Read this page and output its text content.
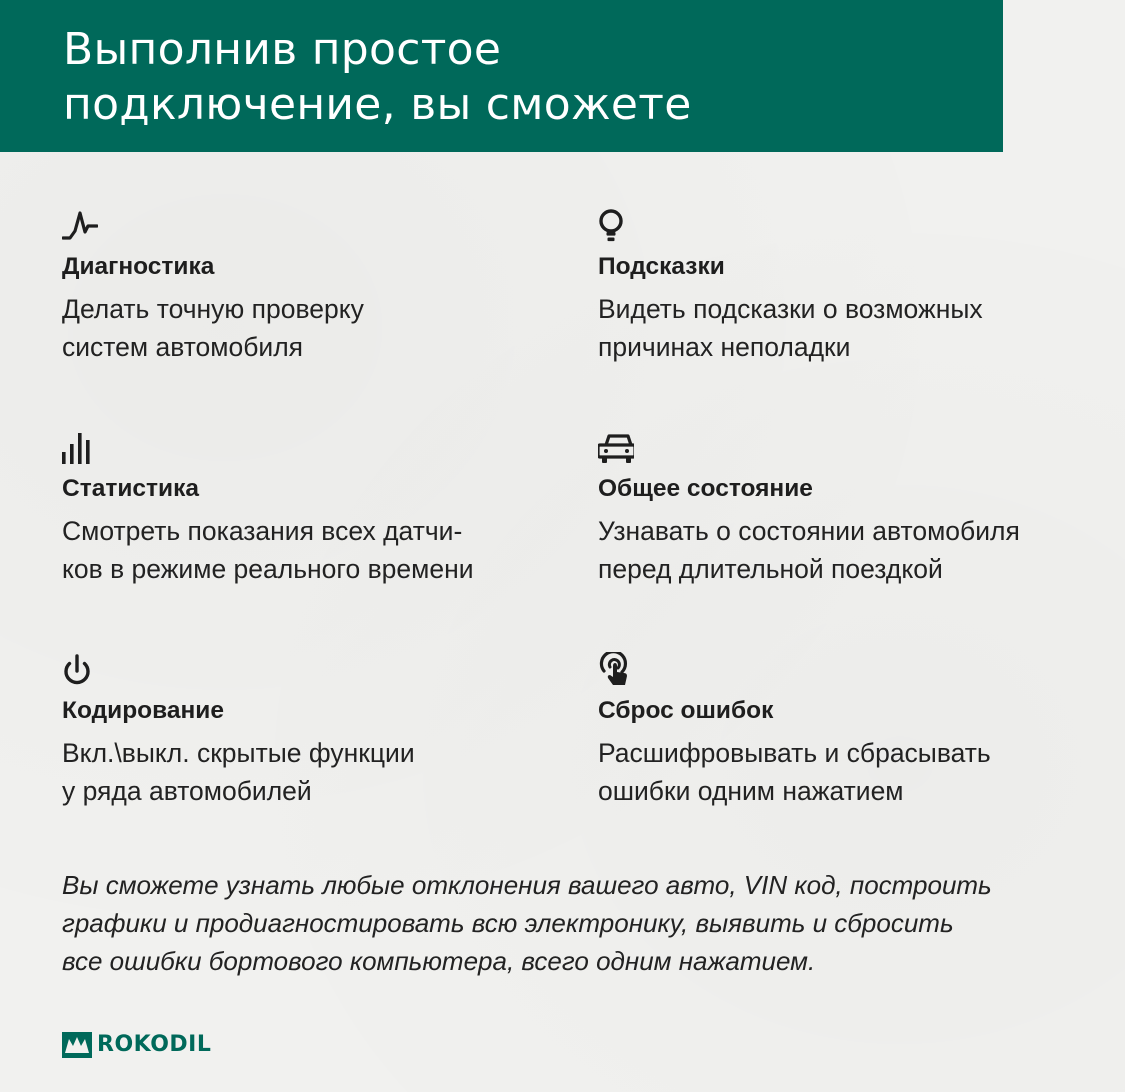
Выполнив простое
подключение, вы сможете
Диагностика

Делать точную проверку
систем автомобиля

Подсказки

Видеть подсказки о возможных
причинах неполадки

Статистика

Смотреть показания всех датчи-
ков в режиме реального времени

Общее состояние

Узнавать о состоянии автомобиля
перед длительной поездкой

Кодирование

Вкл.\выкл. скрытые функции
у ряда автомобилей

Сброс ошибок

Расшифровывать и сбрасывать
ошибки одним нажатием

Вы сможете узнать любые отклонения вашего авто, VIN код, построить
графики и продиагностировать всю электронику, выявить и сбросить
все ошибки бортового компьютера, всего одним нажатием.

ROKODIL
